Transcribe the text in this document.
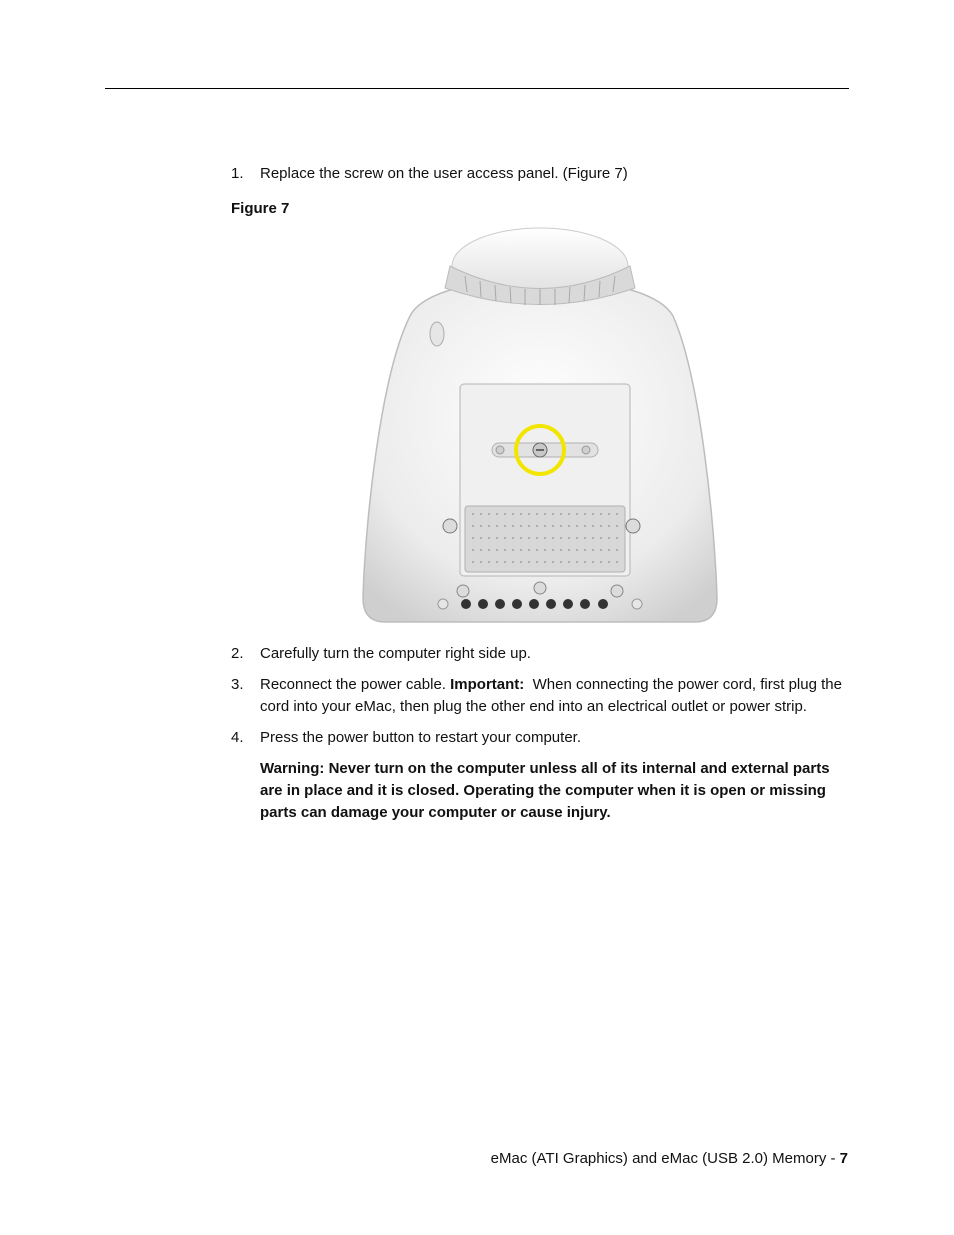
1. Replace the screw on the user access panel. (Figure 7)
Figure 7
2. Carefully turn the computer right side up.
3. Reconnect the power cable. Important:  When connecting the power cord, first plug the cord into your eMac, then plug the other end into an electrical outlet or power strip.
4. Press the power button to restart your computer.
Warning: Never turn on the computer unless all of its internal and external parts are in place and it is closed. Operating the computer when it is open or missing parts can damage your computer or cause injury.
eMac (ATI Graphics) and eMac (USB 2.0) Memory - 7
